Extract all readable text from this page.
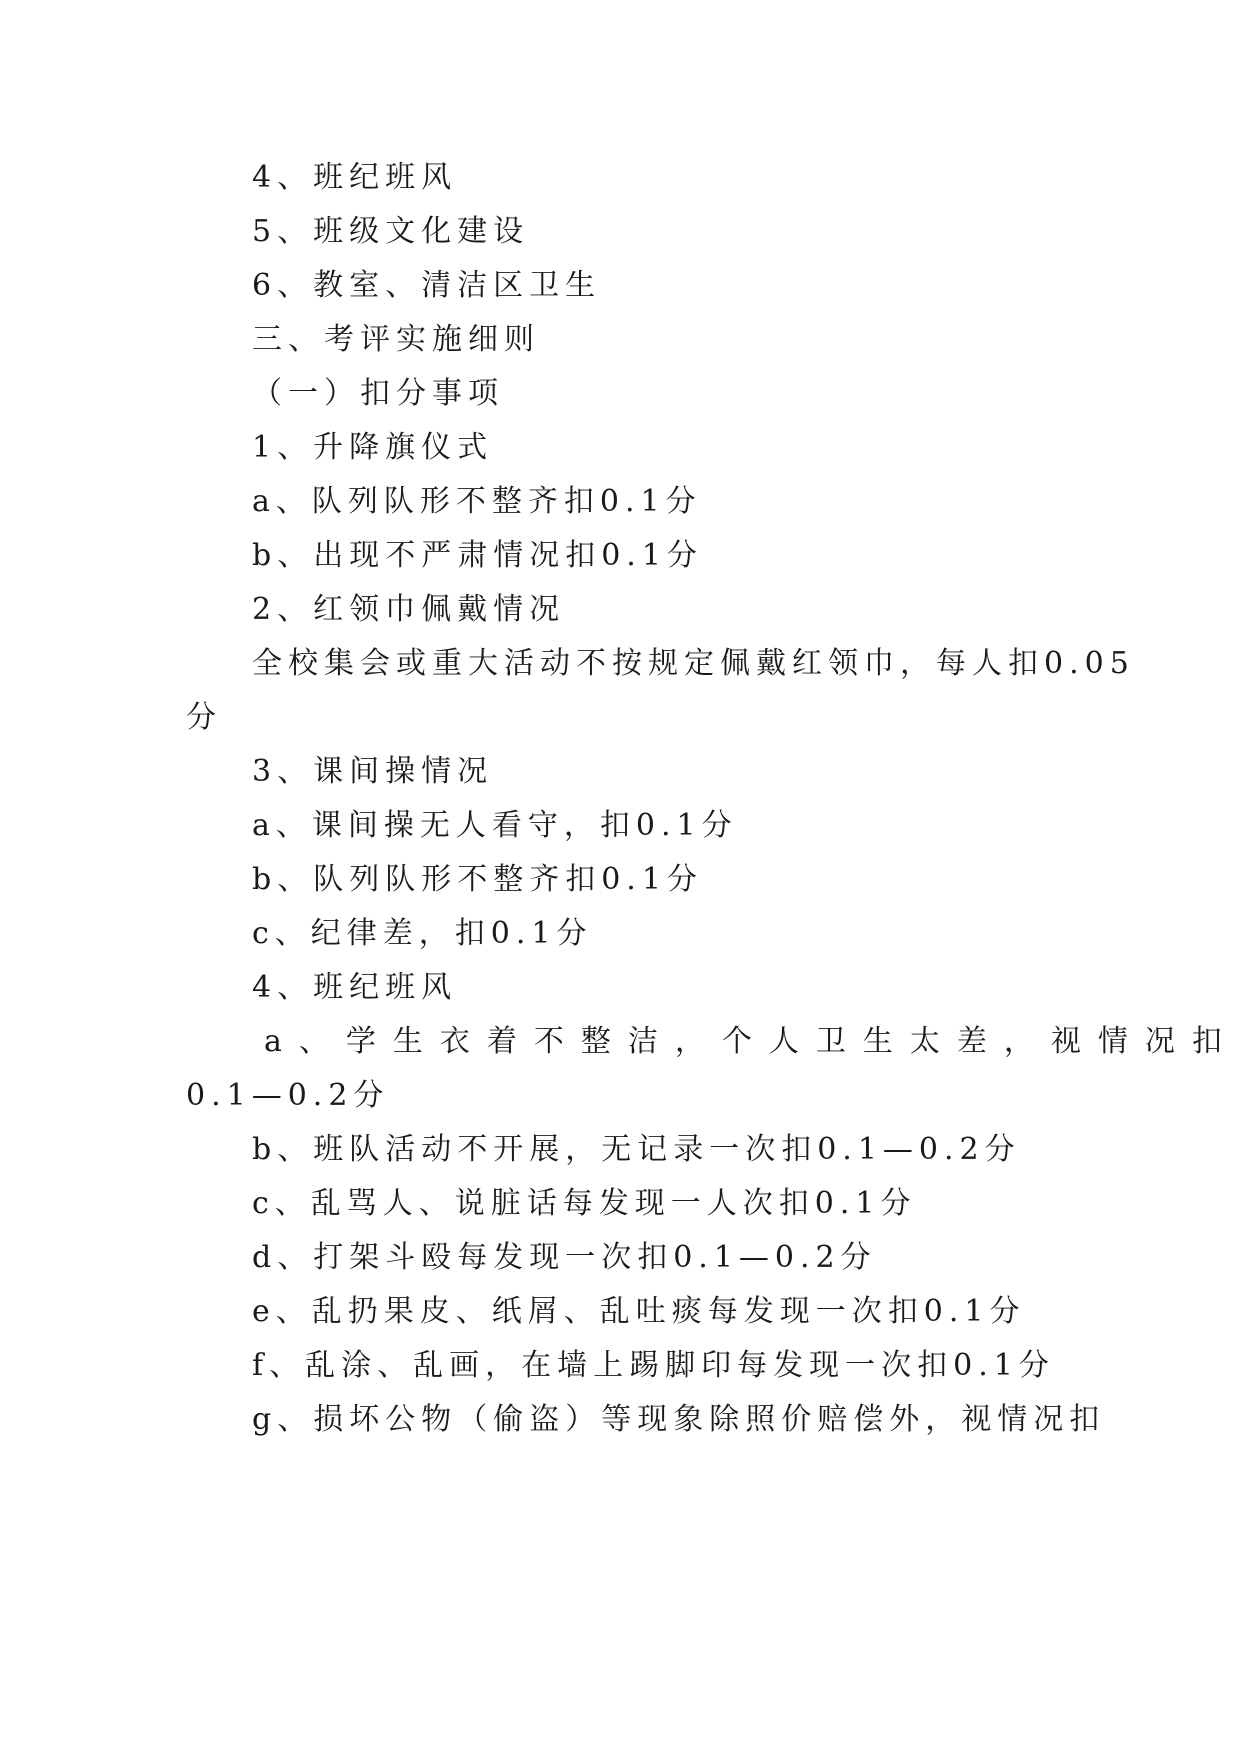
4、班纪班风
5、班级文化建设
6、教室、清洁区卫生
三、考评实施细则
（一）扣分事项
1、升降旗仪式
a、队列队形不整齐扣0.1分
b、出现不严肃情况扣0.1分
2、红领巾佩戴情况
全校集会或重大活动不按规定佩戴红领巾，每人扣0.05
分
3、课间操情况
a、课间操无人看守，扣0.1分
b、队列队形不整齐扣0.1分
c、纪律差，扣0.1分
4、班纪班风
a、学生衣着不整洁，个人卫生太差，视情况扣
0.1—0.2分
b、班队活动不开展，无记录一次扣0.1—0.2分
c、乱骂人、说脏话每发现一人次扣0.1分
d、打架斗殴每发现一次扣0.1—0.2分
e、乱扔果皮、纸屑、乱吐痰每发现一次扣0.1分
f、乱涂、乱画，在墙上踢脚印每发现一次扣0.1分
g、损坏公物（偷盗）等现象除照价赔偿外，视情况扣
